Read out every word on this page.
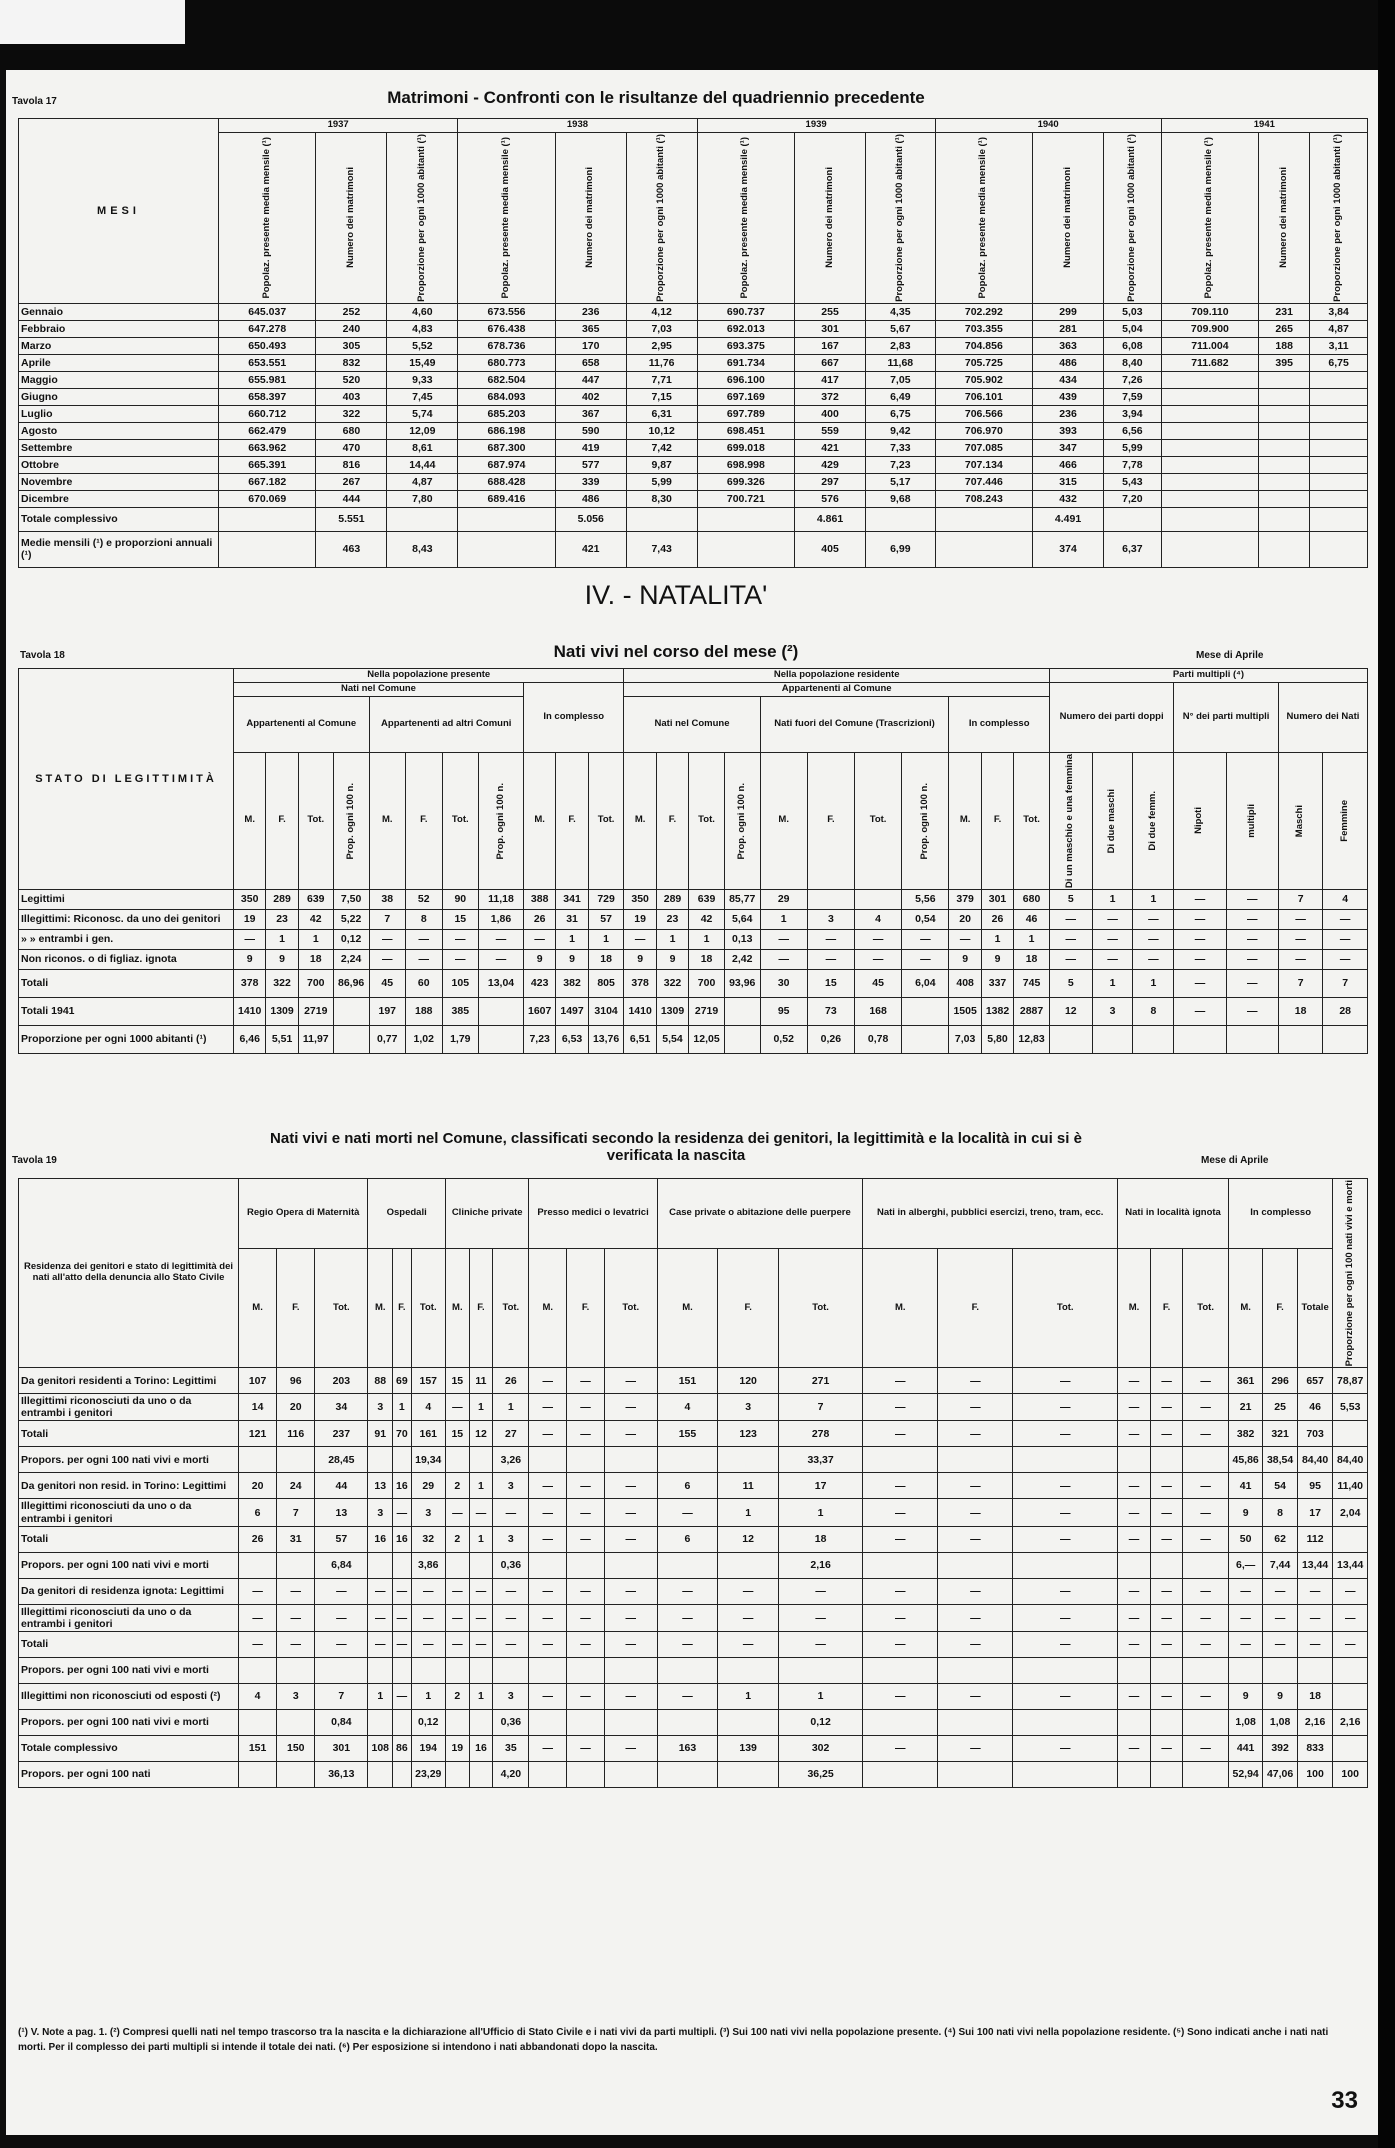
Tavola 17	Matrimoni - Confronti con le risultanze del quadriennio precedente
MESI	1937			1938			1939			1940			1941		

	Popolaz. presente media mensile (¹)	Numero dei matrimoni	Proporzione per ogni 1000 abitanti (¹)	Popolaz. presente media mensile (¹)	Numero dei matrimoni	Proporzione per ogni 1000 abitanti (¹)	Popolaz. presente media mensile (¹)	Numero dei matrimoni	Proporzione per ogni 1000 abitanti (¹)	Popolaz. presente media mensile (¹)	Numero dei matrimoni	Proporzione per ogni 1000 abitanti (¹)	Popolaz. presente media mensile (¹)	Numero dei matrimoni	Proporzione per ogni 1000 abitanti (¹)

Gennaio	645.037	252	4,60	673.556	236	4,12	690.737	255	4,35	702.292	299	5,03	709.110	231	3,84
Febbraio	647.278	240	4,83	676.438	365	7,03	692.013	301	5,67	703.355	281	5,04	709.900	265	4,87
Marzo	650.493	305	5,52	678.736	170	2,95	693.375	167	2,83	704.856	363	6,08	711.004	188	3,11
Aprile	653.551	832	15,49	680.773	658	11,76	691.734	667	11,68	705.725	486	8,40	711.682	395	6,75
Maggio	655.981	520	9,33	682.504	447	7,71	696.100	417	7,05	705.902	434	7,26			
Giugno	658.397	403	7,45	684.093	402	7,15	697.169	372	6,49	706.101	439	7,59			
Luglio	660.712	322	5,74	685.203	367	6,31	697.789	400	6,75	706.566	236	3,94			
Agosto	662.479	680	12,09	686.198	590	10,12	698.451	559	9,42	706.970	393	6,56			
Settembre	663.962	470	8,61	687.300	419	7,42	699.018	421	7,33	707.085	347	5,99			
Ottobre	665.391	816	14,44	687.974	577	9,87	698.998	429	7,23	707.134	466	7,78			
Novembre	667.182	267	4,87	688.428	339	5,99	699.326	297	5,17	707.446	315	5,43			
Dicembre	670.069	444	7,80	689.416	486	8,30	700.721	576	9,68	708.243	432	7,20			
Totale complessivo		5.551			5.056			4.861			4.491				
Medie mensili (¹) e proporzioni annuali (¹)		463	8,43		421	7,43		405	6,99		374	6,37			
IV. - NATALITA'
Tavola 18	Nati vivi nel corso del mese (²)	Mese di Aprile
STATO DI LEGITTIMITÀ	Nella popolazione presente											Nella popolazione residente											Parti multipli (⁴)						
	Nati nel Comune								In complesso			Appartenenti al Comune											Numero dei parti doppi			N° dei parti multipli		Numero dei Nati	
	Appartenenti al Comune				Appartenenti ad altri Comuni							Nati nel Comune				Nati fuori del Comune (Trascrizioni)				In complesso									
	M.	F.	Tot.	Prop. ogni 100 n.	M.	F.	Tot.	Prop. ogni 100 n.	M.	F.	Tot.	M.	F.	Tot.	Prop. ogni 100 n.	M.	F.	Tot.	Prop. ogni 100 n.	M.	F.	Tot.	Di un maschio e una femmina	Di due maschi	Di due femm.	Nipoti	multipli	Maschi	Femmine

Legittimi	350	289	639	7,50	38	52	90	11,18	388	341	729	350	289	639	85,77	29			5,56	379	301	680	5	1	1	—	—	7	4
Illegittimi: Riconosc. da uno dei genitori	19	23	42	5,22	7	8	15	1,86	26	31	57	19	23	42	5,64	1	3	4	0,54	20	26	46	—	—	—	—	—	—	—
» » entrambi i gen.	—	1	1	0,12	—	—	—	—	—	1	1	—	1	1	0,13	—	—	—	—	—	1	1	—	—	—	—	—	—	—
Non riconos. o di figliaz. ignota	9	9	18	2,24	—	—	—	—	9	9	18	9	9	18	2,42	—	—	—	—	9	9	18	—	—	—	—	—	—	—
Totali	378	322	700	86,96	45	60	105	13,04	423	382	805	378	322	700	93,96	30	15	45	6,04	408	337	745	5	1	1	—	—	7	7
Totali 1941	1410	1309	2719		197	188	385		1607	1497	3104	1410	1309	2719		95	73	168		1505	1382	2887	12	3	8	—	—	18	28
Proporzione per ogni 1000 abitanti (¹)	6,46	5,51	11,97		0,77	1,02	1,79		7,23	6,53	13,76	6,51	5,54	12,05		0,52	0,26	0,78		7,03	5,80	12,83							
Tavola 19
Nati vivi e nati morti nel Comune, classificati secondo la residenza dei genitori, la legittimità e la località in cui si è verificata la nascita	Mese di Aprile
Residenza dei genitori e stato di legittimità dei nati all'atto della denuncia allo Stato Civile	Regio Opera di Maternità			Ospedali			Cliniche private			Presso medici o levatrici			Case private o abitazione delle puerpere			Nati in alberghi, pubblici esercizi, treno, tram, ecc.			Nati in località ignota			In complesso			Proporzione per ogni 100 nati vivi e morti

	M.	F.	Tot.	M.	F.	Tot.	M.	F.	Tot.	M.	F.	Tot.	M.	F.	Tot.	M.	F.	Tot.	M.	F.	Tot.	M.	F.	Totale	
Da genitori residenti a Torino: Legittimi	107	96	203	88	69	157	15	11	26	—	—	—	151	120	271	—	—	—	—	—	—	361	296	657	78,87
Illegittimi riconosciuti da uno o da entrambi i genitori	14	20	34	3	1	4	—	1	1	—	—	—	4	3	7	—	—	—	—	—	—	21	25	46	5,53
Totali	121	116	237	91	70	161	15	12	27	—	—	—	155	123	278	—	—	—	—	—	—	382	321	703	
Propors. per ogni 100 nati vivi e morti			28,45			19,34			3,26						33,37							45,86	38,54	84,40	84,40
Da genitori non resid. in Torino: Legittimi	20	24	44	13	16	29	2	1	3	—	—	—	6	11	17	—	—	—	—	—	—	41	54	95	11,40
Illegittimi riconosciuti da uno o da entrambi i genitori	6	7	13	3	—	3	—	—	—	—	—	—	—	1	1	—	—	—	—	—	—	9	8	17	2,04
Totali	26	31	57	16	16	32	2	1	3	—	—	—	6	12	18	—	—	—	—	—	—	50	62	112	
Propors. per ogni 100 nati vivi e morti			6,84			3,86			0,36						2,16							6,—	7,44	13,44	13,44
Da genitori di residenza ignota: Legittimi	—	—	—	—	—	—	—	—	—	—	—	—	—	—	—	—	—	—	—	—	—	—	—	—	—
Illegittimi riconosciuti da uno o da entrambi i genitori	—	—	—	—	—	—	—	—	—	—	—	—	—	—	—	—	—	—	—	—	—	—	—	—	—
Totali	—	—	—	—	—	—	—	—	—	—	—	—	—	—	—	—	—	—	—	—	—	—	—	—	—
Propors. per ogni 100 nati vivi e morti																									
Illegittimi non riconosciuti od esposti (²)	4	3	7	1	—	1	2	1	3	—	—	—	—	1	1	—	—	—	—	—	—	9	9	18	
Propors. per ogni 100 nati vivi e morti			0,84			0,12			0,36						0,12							1,08	1,08	2,16	2,16
Totale complessivo	151	150	301	108	86	194	19	16	35	—	—	—	163	139	302	—	—	—	—	—	—	441	392	833	
Propors. per ogni 100 nati			36,13			23,29			4,20						36,25							52,94	47,06	100	100
(¹) V. Note a pag. 1. (²) Compresi quelli nati nel tempo trascorso tra la nascita e la dichiarazione all'Ufficio di Stato Civile e i nati vivi da parti multipli. (³) Sui 100 nati vivi nella popolazione presente. (⁴) Sui 100 nati vivi nella popolazione residente. (⁵) Sono indicati anche i nati nati morti. Per il complesso dei parti multipli si intende il totale dei nati. (⁶) Per esposizione si intendono i nati abbandonati dopo la nascita.
33
